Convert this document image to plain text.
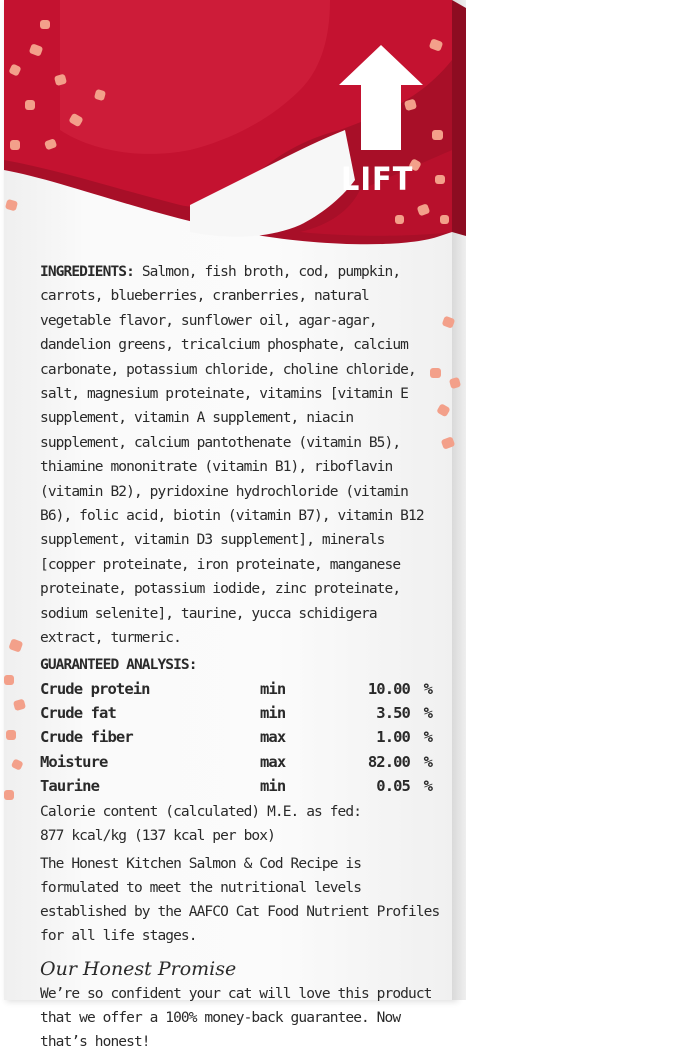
LIFT

INGREDIENTS: Salmon, fish broth, cod, pumpkin, carrots, blueberries, cranberries, natural vegetable flavor, sunflower oil, agar-agar, dandelion greens, tricalcium phosphate, calcium carbonate, potassium chloride, choline chloride, salt, magnesium proteinate, vitamins [vitamin E supplement, vitamin A supplement, niacin supplement, calcium pantothenate (vitamin B5), thiamine mononitrate (vitamin B1), riboflavin (vitamin B2), pyridoxine hydrochloride (vitamin B6), folic acid, biotin (vitamin B7), vitamin B12 supplement, vitamin D3 supplement], minerals [copper proteinate, iron proteinate, manganese proteinate, potassium iodide, zinc proteinate, sodium selenite], taurine, yucca schidigera extract, turmeric.

GUARANTEED ANALYSIS:
Crude protein	min	10.00	%
Crude fat	min	3.50	%
Crude fiber	max	1.00	%
Moisture	max	82.00	%
Taurine	min	0.05	%
Calorie content (calculated) M.E. as fed:
877 kcal/kg (137 kcal per box)
The Honest Kitchen Salmon & Cod Recipe is formulated to meet the nutritional levels established by the AAFCO Cat Food Nutrient Profiles for all life stages.
Our Honest Promise

We’re so confident your cat will love this product that we offer a 100% money-back guarantee. Now that’s honest!
